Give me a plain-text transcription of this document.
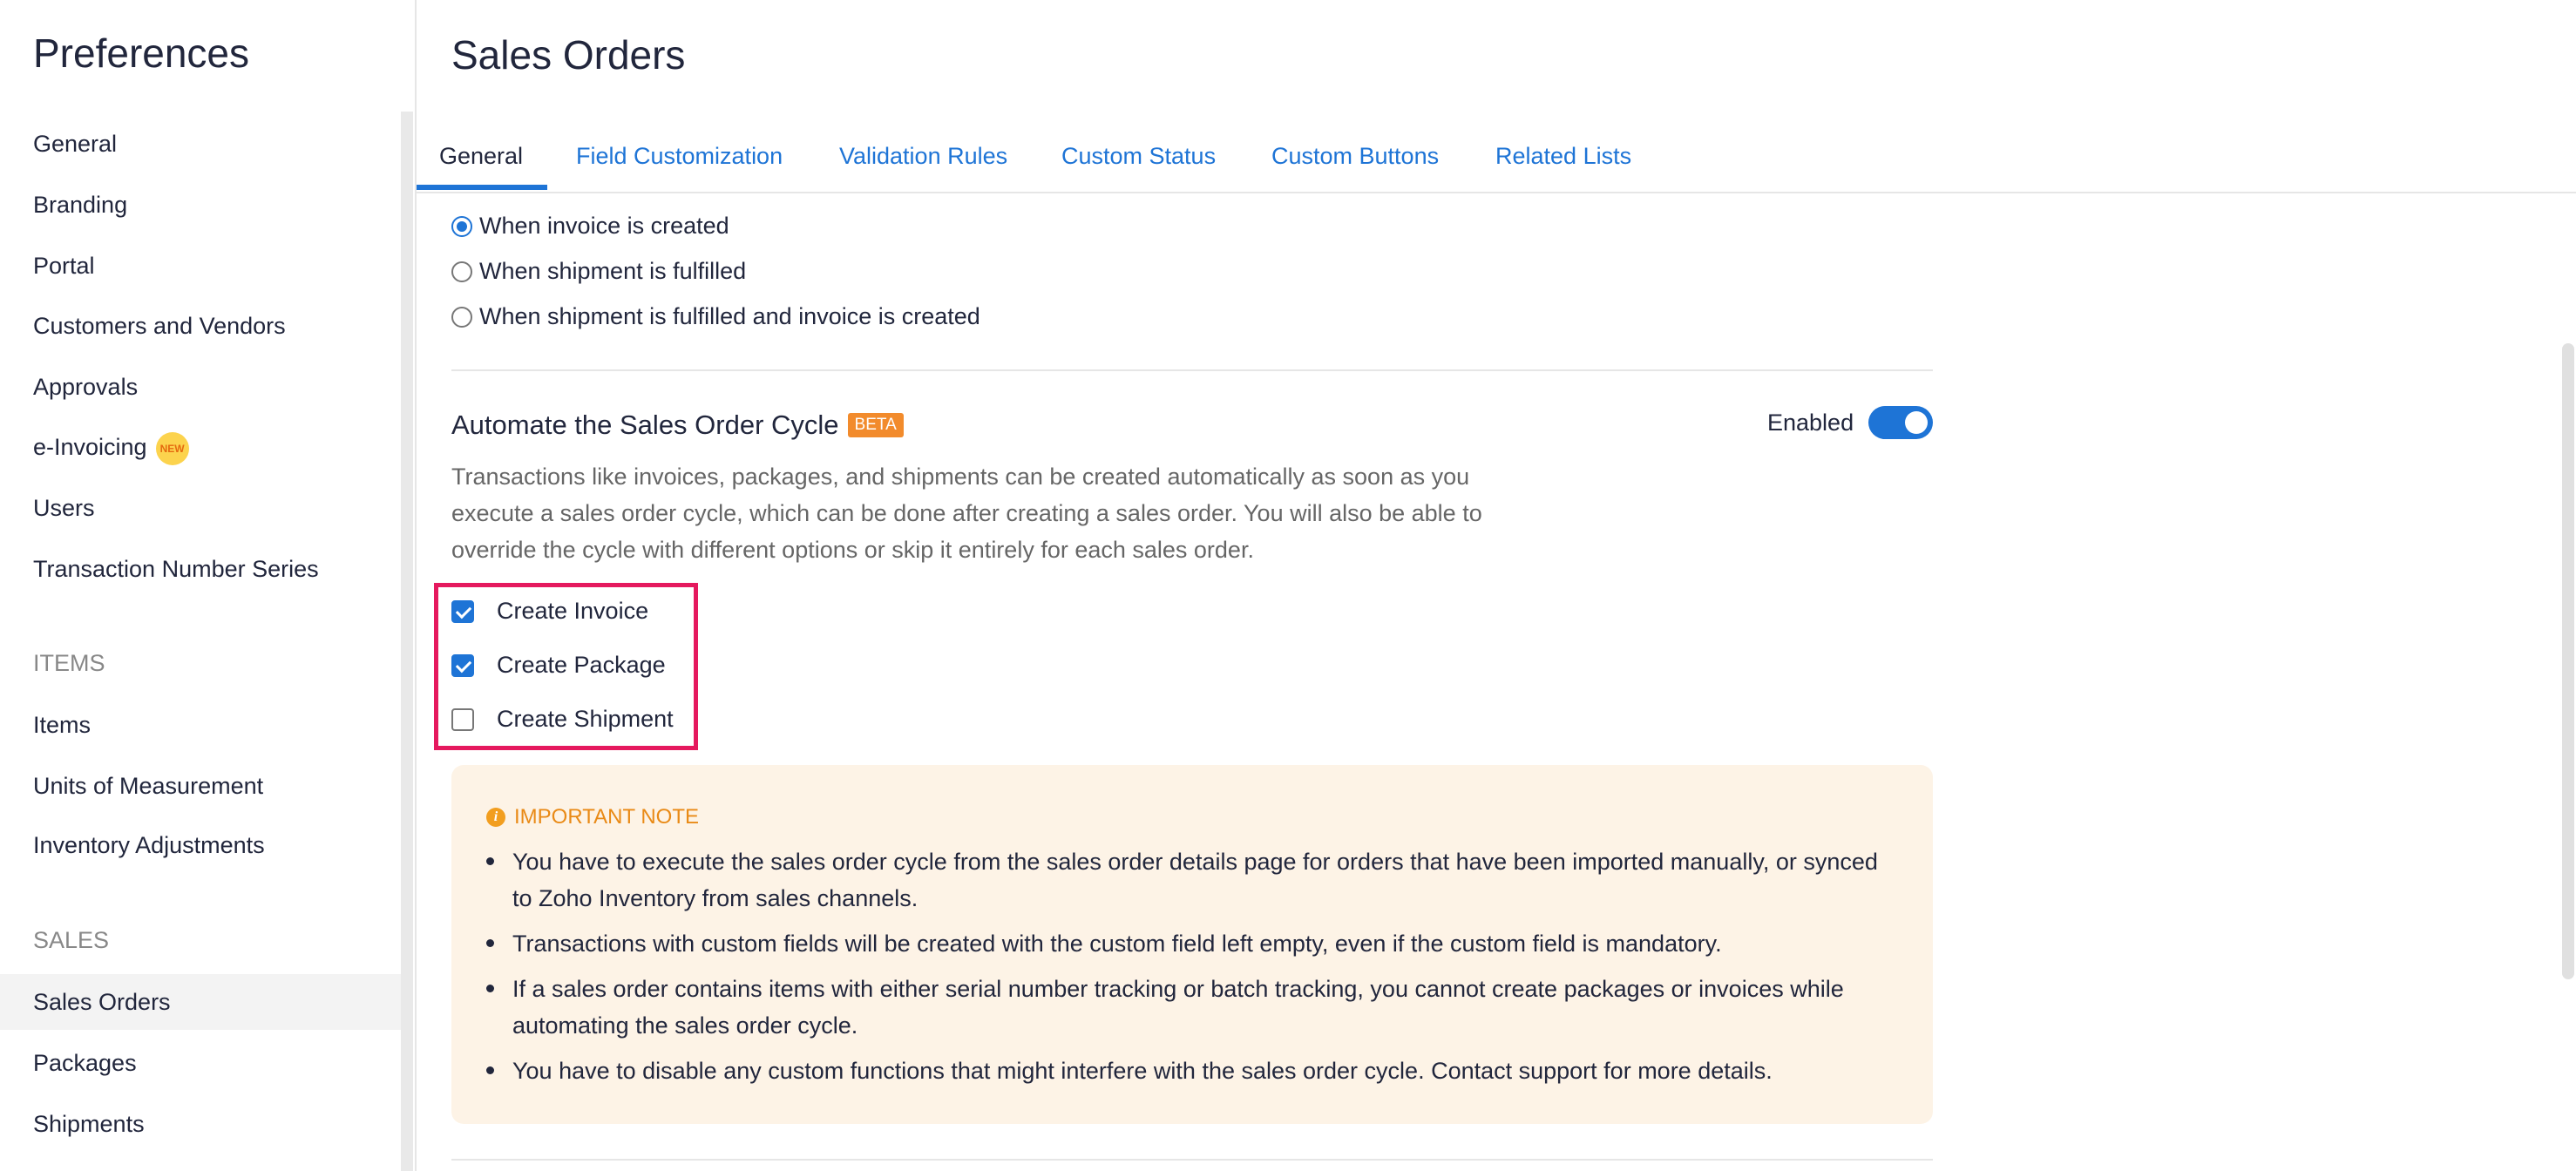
Preferences
General
Branding
Portal
Customers and Vendors
Approvals
e-Invoicing NEW
Users
Transaction Number Series
ITEMS
Items
Units of Measurement
Inventory Adjustments
SALES
Sales Orders
Packages
Shipments
Sales Orders
General Field Customization Validation Rules Custom Status Custom Buttons Related Lists
When invoice is created
When shipment is fulfilled
When shipment is fulfilled and invoice is created
Automate the Sales Order Cycle BETA	Enabled
Transactions like invoices, packages, and shipments can be created automatically as soon as you execute a sales order cycle, which can be done after creating a sales order. You will also be able to override the cycle with different options or skip it entirely for each sales order.
Create Invoice
Create Package
Create Shipment
i IMPORTANT NOTE
You have to execute the sales order cycle from the sales order details page for orders that have been imported manually, or synced to Zoho Inventory from sales channels.
Transactions with custom fields will be created with the custom field left empty, even if the custom field is mandatory.
If a sales order contains items with either serial number tracking or batch tracking, you cannot create packages or invoices while automating the sales order cycle.
You have to disable any custom functions that might interfere with the sales order cycle. Contact support for more details.
